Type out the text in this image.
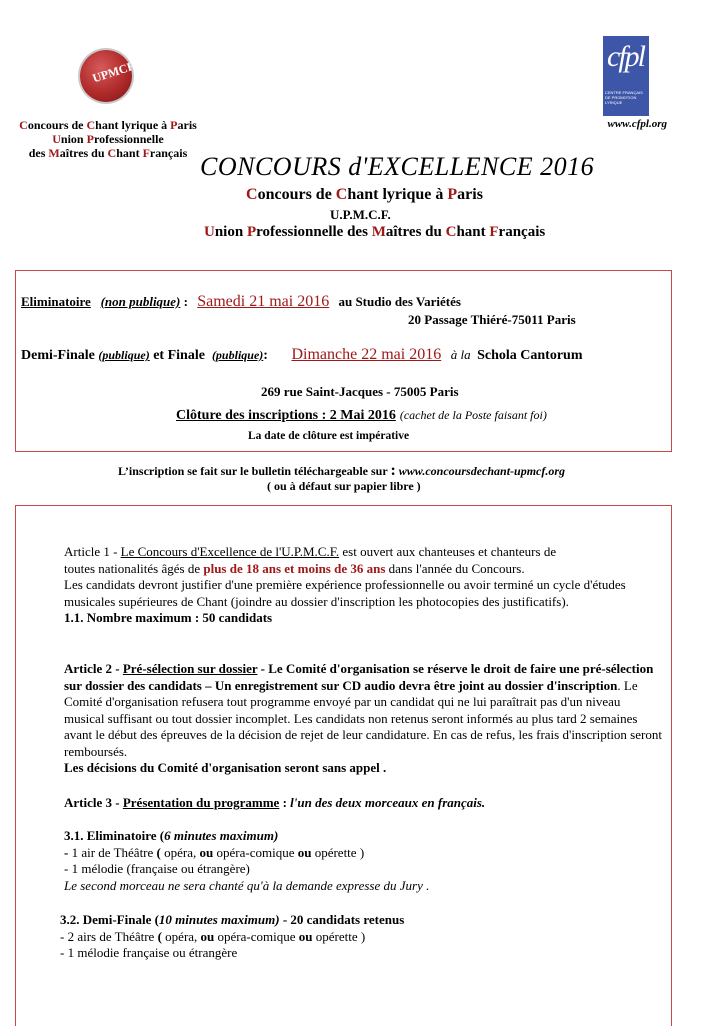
UPMCF	cfpl
CENTRE FRANÇAIS DE PROMOTION LYRIQUE
Concours de Chant lyrique à Paris
Union Professionnelle
des Maîtres du Chant Français
www.cfpl.org
CONCOURS d'EXCELLENCE 2016
Concours de Chant lyrique à Paris
U.P.M.C.F.
Union Professionnelle des Maîtres du Chant Français
Eliminatoire (non publique) : Samedi 21 mai 2016 au Studio des Variétés
20 Passage Thiéré-75011 Paris
Demi-Finale (publique) et Finale (publique): Dimanche 22 mai 2016 à la Schola Cantorum
269 rue Saint-Jacques - 75005 Paris
Clôture des inscriptions : 2 Mai 2016 (cachet de la Poste faisant foi)
La date de clôture est impérative
L’inscription se fait sur le bulletin téléchargeable sur : www.concoursdechant-upmcf.org
( ou à défaut sur papier libre )
Article 1 - Le Concours d'Excellence de l'U.P.M.C.F. est ouvert aux chanteuses et chanteurs de
toutes nationalités âgés de plus de 18 ans et moins de 36 ans dans l'année du Concours.
Les candidats devront justifier d'une première expérience professionnelle ou avoir terminé un cycle d'études musicales supérieures de Chant (joindre au dossier d'inscription les photocopies des justificatifs).
1.1. Nombre maximum : 50 candidats
Article 2 - Pré-sélection sur dossier - Le Comité d'organisation se réserve le droit de faire une pré-sélection sur dossier des candidats – Un enregistrement sur CD audio devra être joint au dossier d'inscription. Le Comité d'organisation refusera tout programme envoyé par un candidat qui ne lui paraîtrait pas d'un niveau musical suffisant ou tout dossier incomplet. Les candidats non retenus seront informés au plus tard 2 semaines avant le début des épreuves de la décision de rejet de leur candidature. En cas de refus, les frais d'inscription seront remboursés.
Les décisions du Comité d'organisation seront sans appel .
Article 3 - Présentation du programme : l'un des deux morceaux en français.
3.1. Eliminatoire (6 minutes maximum)
- 1 air de Théâtre ( opéra, ou opéra-comique ou opérette )
- 1 mélodie (française ou étrangère)
Le second morceau ne sera chanté qu'à la demande expresse du Jury .
3.2. Demi-Finale (10 minutes maximum) - 20 candidats retenus
- 2 airs de Théâtre ( opéra, ou opéra-comique ou opérette )
- 1 mélodie française ou étrangère
